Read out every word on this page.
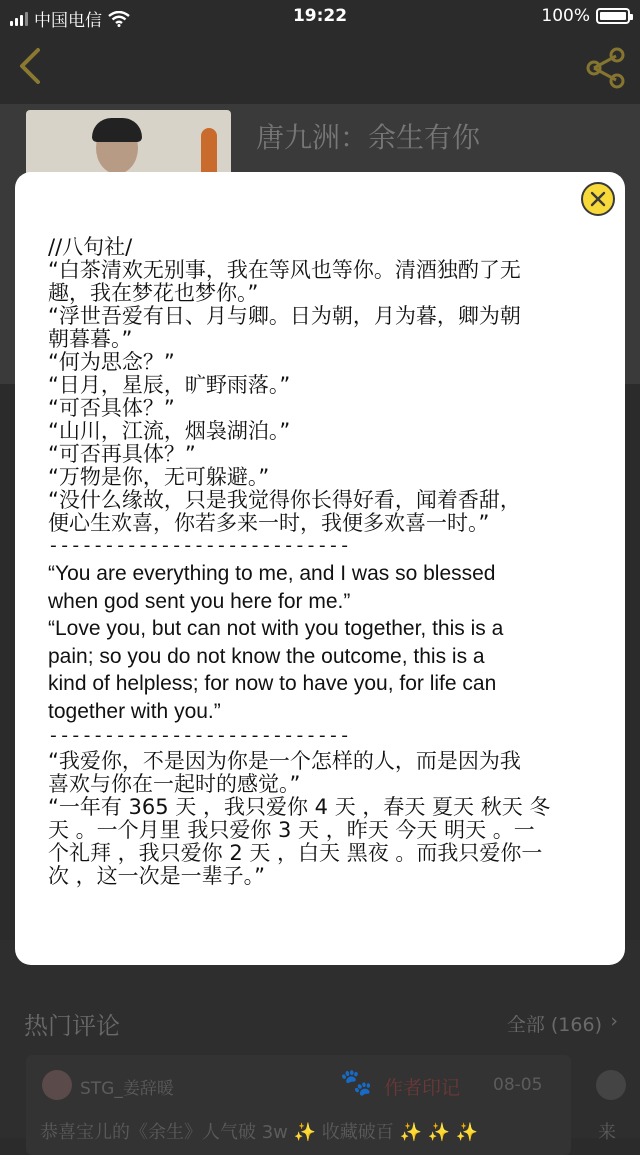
中国电信	19:22	100%
唐九洲：余生有你
热门评论	全部 (166) ›
STG_姜辞暖	🐾 作者印记 08-05
恭喜宝儿的《余生》人气破 3w ✨ 收藏破百 ✨ ✨ ✨	来
//八句社/
“白茶清欢无别事，我在等风也等你。清酒独酌了无
趣，我在梦花也梦你。”
“浮世吾爱有日、月与卿。日为朝，月为暮，卿为朝
朝暮暮。”
“何为思念？”
“日月，星辰，旷野雨落。”
“可否具体？”
“山川，江流，烟袅湖泊。”
“可否再具体？”
“万物是你，无可躲避。”
“没什么缘故，只是我觉得你长得好看，闻着香甜，
便心生欢喜，你若多来一时，我便多欢喜一时。”
---------------------------
“You are everything to me, and I was so blessed
when god sent you here for me.”
“Love you, but can not with you together, this is a
pain; so you do not know the outcome, this is a
kind of helpless; for now to have you, for life can
together with you.”
---------------------------
“我爱你，不是因为你是一个怎样的人，而是因为我
喜欢与你在一起时的感觉。”
“一年有 365 天 ，我只爱你 4 天 ，春天 夏天 秋天 冬
天 。一个月里 我只爱你 3 天 ，昨天 今天 明天 。一
个礼拜 ，我只爱你 2 天 ，白天 黑夜 。而我只爱你一
次 ，这一次是一辈子。”
